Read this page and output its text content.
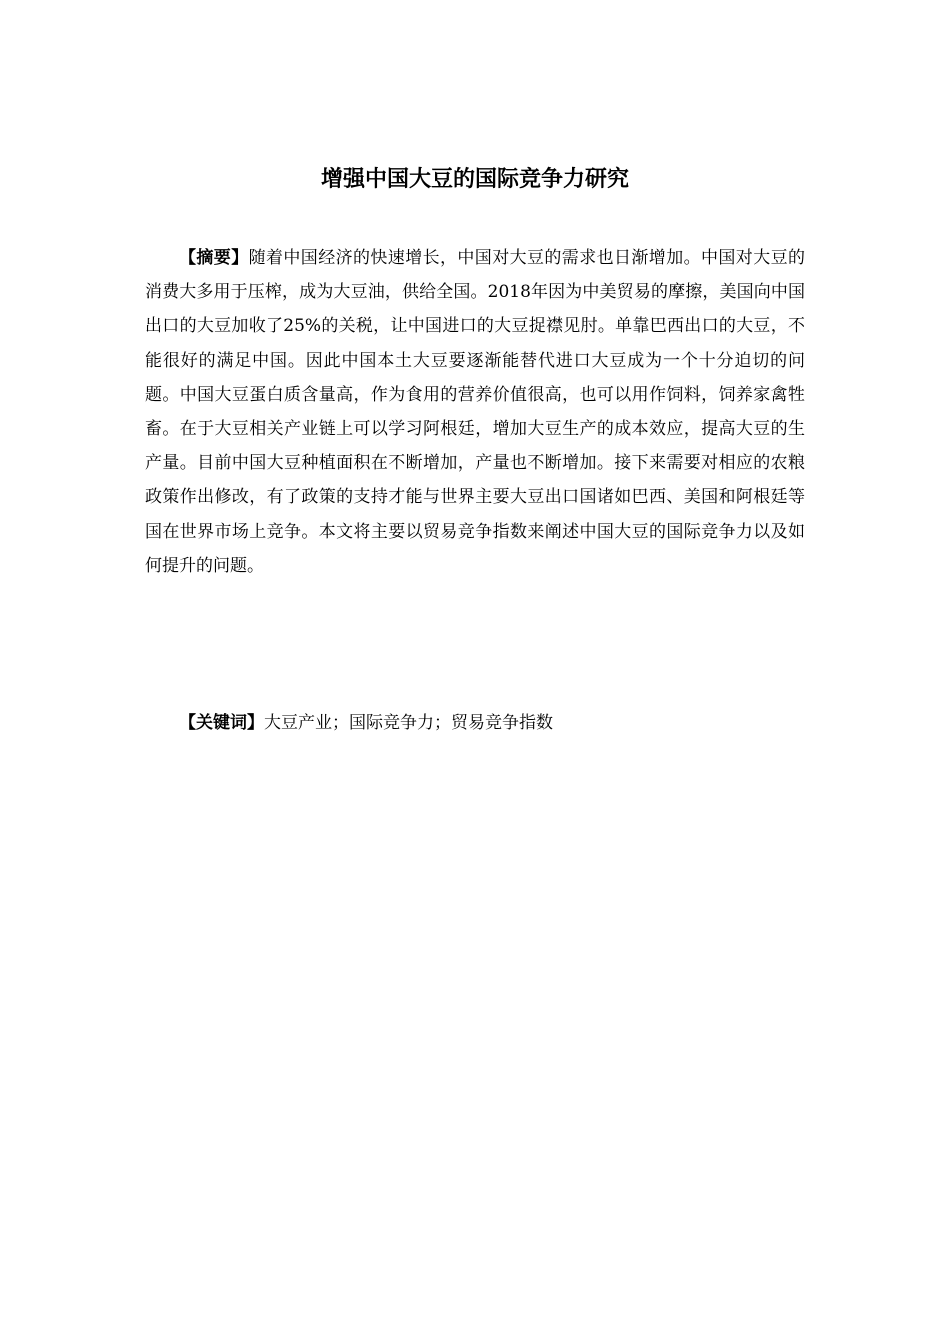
增强中国大豆的国际竞争力研究

【摘要】随着中国经济的快速增长，中国对大豆的需求也日渐增加。中国对大豆的消费大多用于压榨，成为大豆油，供给全国。2018年因为中美贸易的摩擦，美国向中国出口的大豆加收了25%的关税，让中国进口的大豆捉襟见肘。单靠巴西出口的大豆，不能很好的满足中国。因此中国本土大豆要逐渐能替代进口大豆成为一个十分迫切的问题。中国大豆蛋白质含量高，作为食用的营养价值很高，也可以用作饲料，饲养家禽牲畜。在于大豆相关产业链上可以学习阿根廷，增加大豆生产的成本效应，提高大豆的生产量。目前中国大豆种植面积在不断增加，产量也不断增加。接下来需要对相应的农粮政策作出修改，有了政策的支持才能与世界主要大豆出口国诸如巴西、美国和阿根廷等国在世界市场上竞争。本文将主要以贸易竞争指数来阐述中国大豆的国际竞争力以及如何提升的问题。

【关键词】大豆产业；国际竞争力；贸易竞争指数
